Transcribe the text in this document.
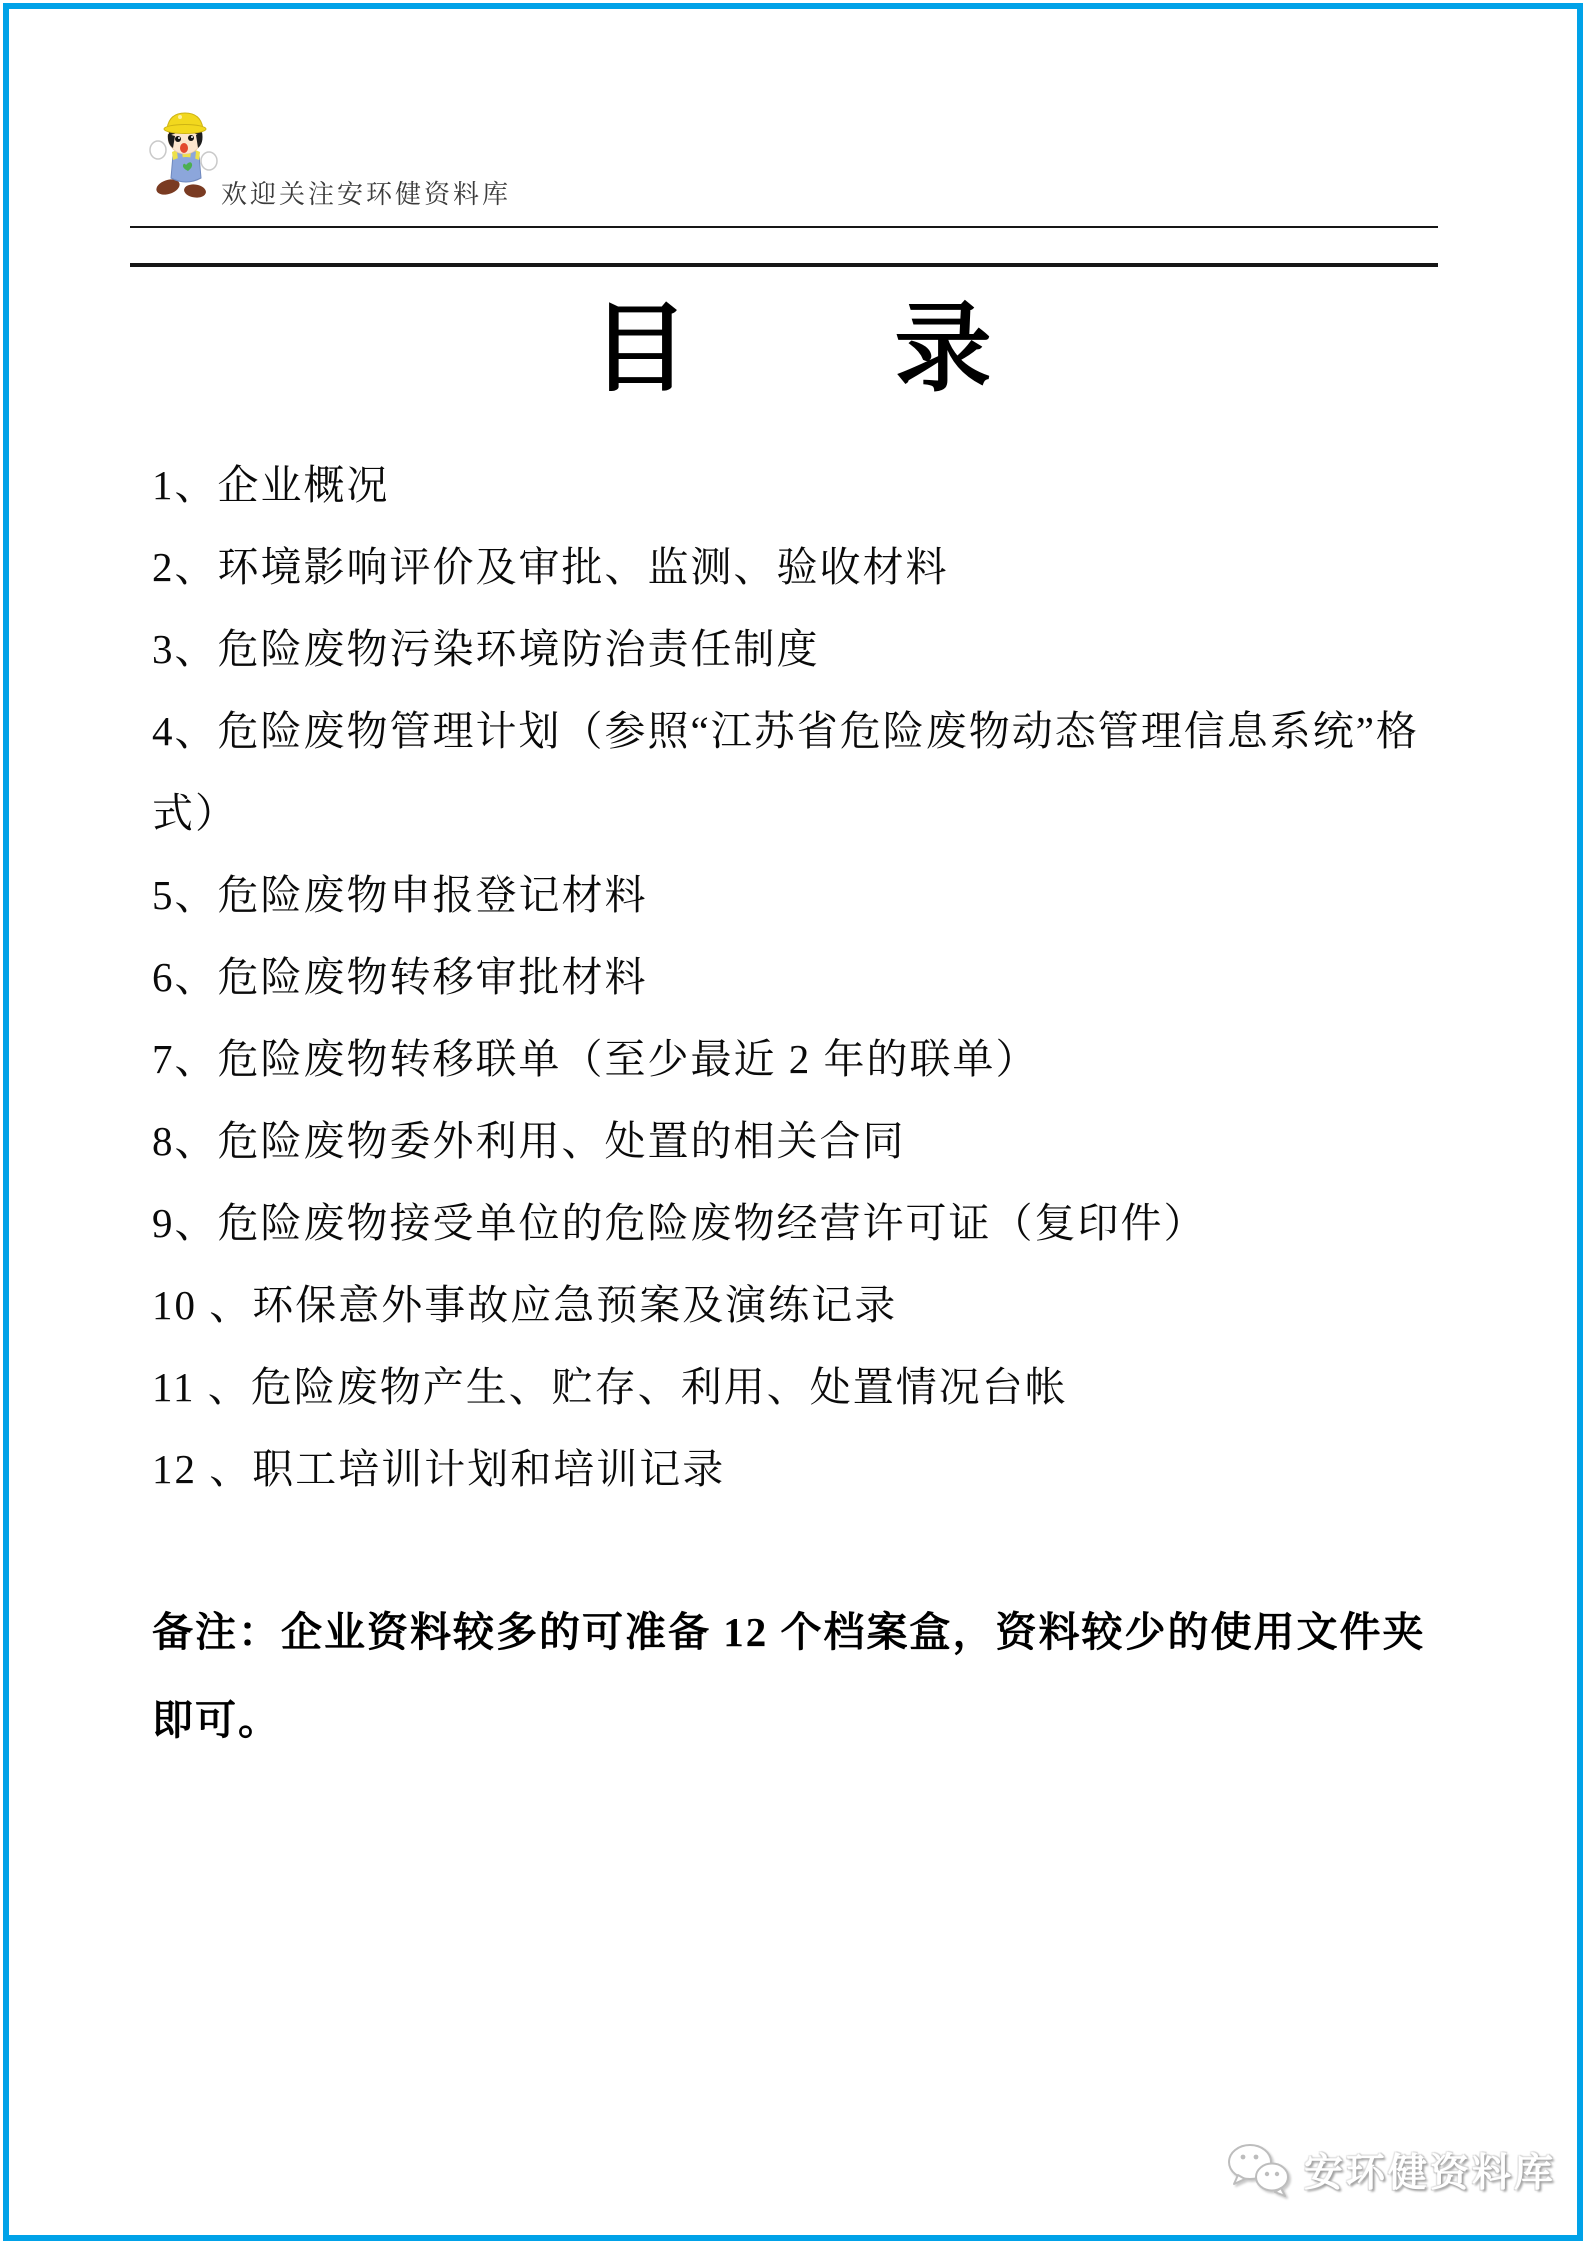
欢迎关注安环健资料库
目  录

1、企业概况

2、环境影响评价及审批、监测、验收材料

3、危险废物污染环境防治责任制度

4、危险废物管理计划（参照“江苏省危险废物动态管理信息系统”格式）

5、危险废物申报登记材料

6、危险废物转移审批材料

7、危险废物转移联单（至少最近 2 年的联单）

8、危险废物委外利用、处置的相关合同

9、危险废物接受单位的危险废物经营许可证（复印件）

10 、环保意外事故应急预案及演练记录

11 、危险废物产生、贮存、利用、处置情况台帐

12 、职工培训计划和培训记录

备注：企业资料较多的可准备 12 个档案盒，资料较少的使用文件夹即可。

安环健资料库
